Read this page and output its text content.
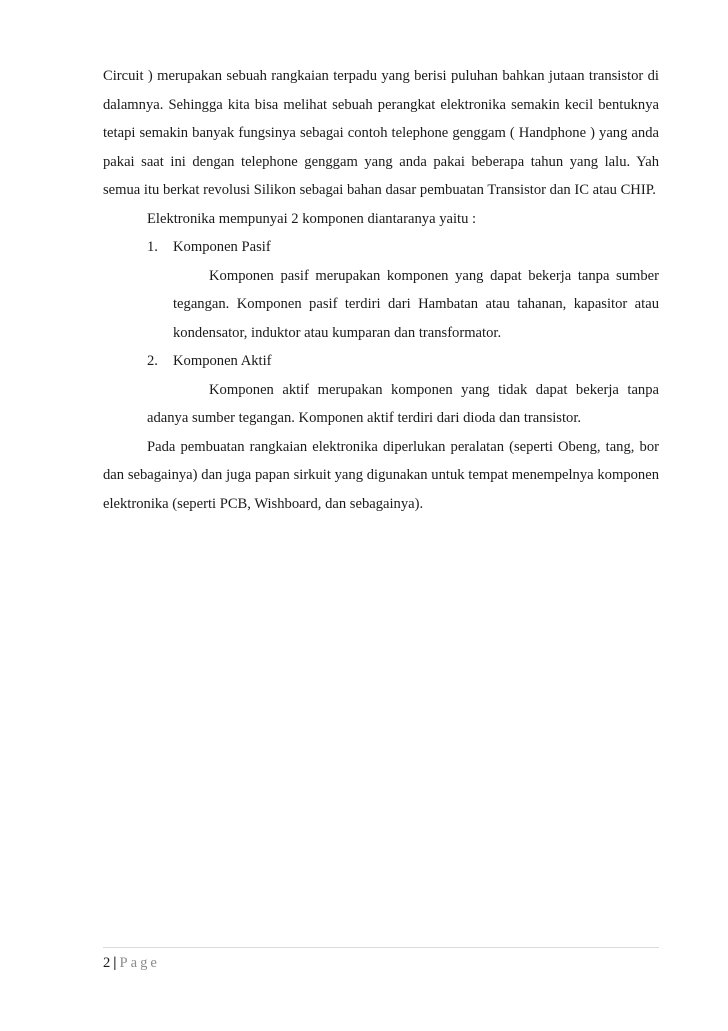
Circuit ) merupakan sebuah rangkaian terpadu yang berisi puluhan bahkan jutaan transistor di dalamnya. Sehingga kita bisa melihat sebuah perangkat elektronika semakin kecil bentuknya tetapi semakin banyak fungsinya sebagai contoh telephone genggam ( Handphone ) yang anda pakai saat ini dengan telephone genggam yang anda pakai beberapa tahun yang lalu. Yah semua itu berkat revolusi Silikon sebagai bahan dasar pembuatan Transistor dan IC atau CHIP.

Elektronika mempunyai 2 komponen diantaranya yaitu :

1. Komponen Pasif

Komponen pasif merupakan komponen yang dapat bekerja tanpa sumber tegangan. Komponen pasif terdiri dari Hambatan atau tahanan, kapasitor atau kondensator, induktor atau kumparan dan transformator.

2. Komponen Aktif

Komponen aktif merupakan komponen yang tidak dapat bekerja tanpa adanya sumber tegangan. Komponen aktif terdiri dari dioda dan transistor.

Pada pembuatan rangkaian elektronika diperlukan peralatan (seperti Obeng, tang, bor dan sebagainya) dan juga papan sirkuit yang digunakan untuk tempat menempelnya komponen elektronika (seperti PCB, Wishboard, dan sebagainya).

2 | Page
